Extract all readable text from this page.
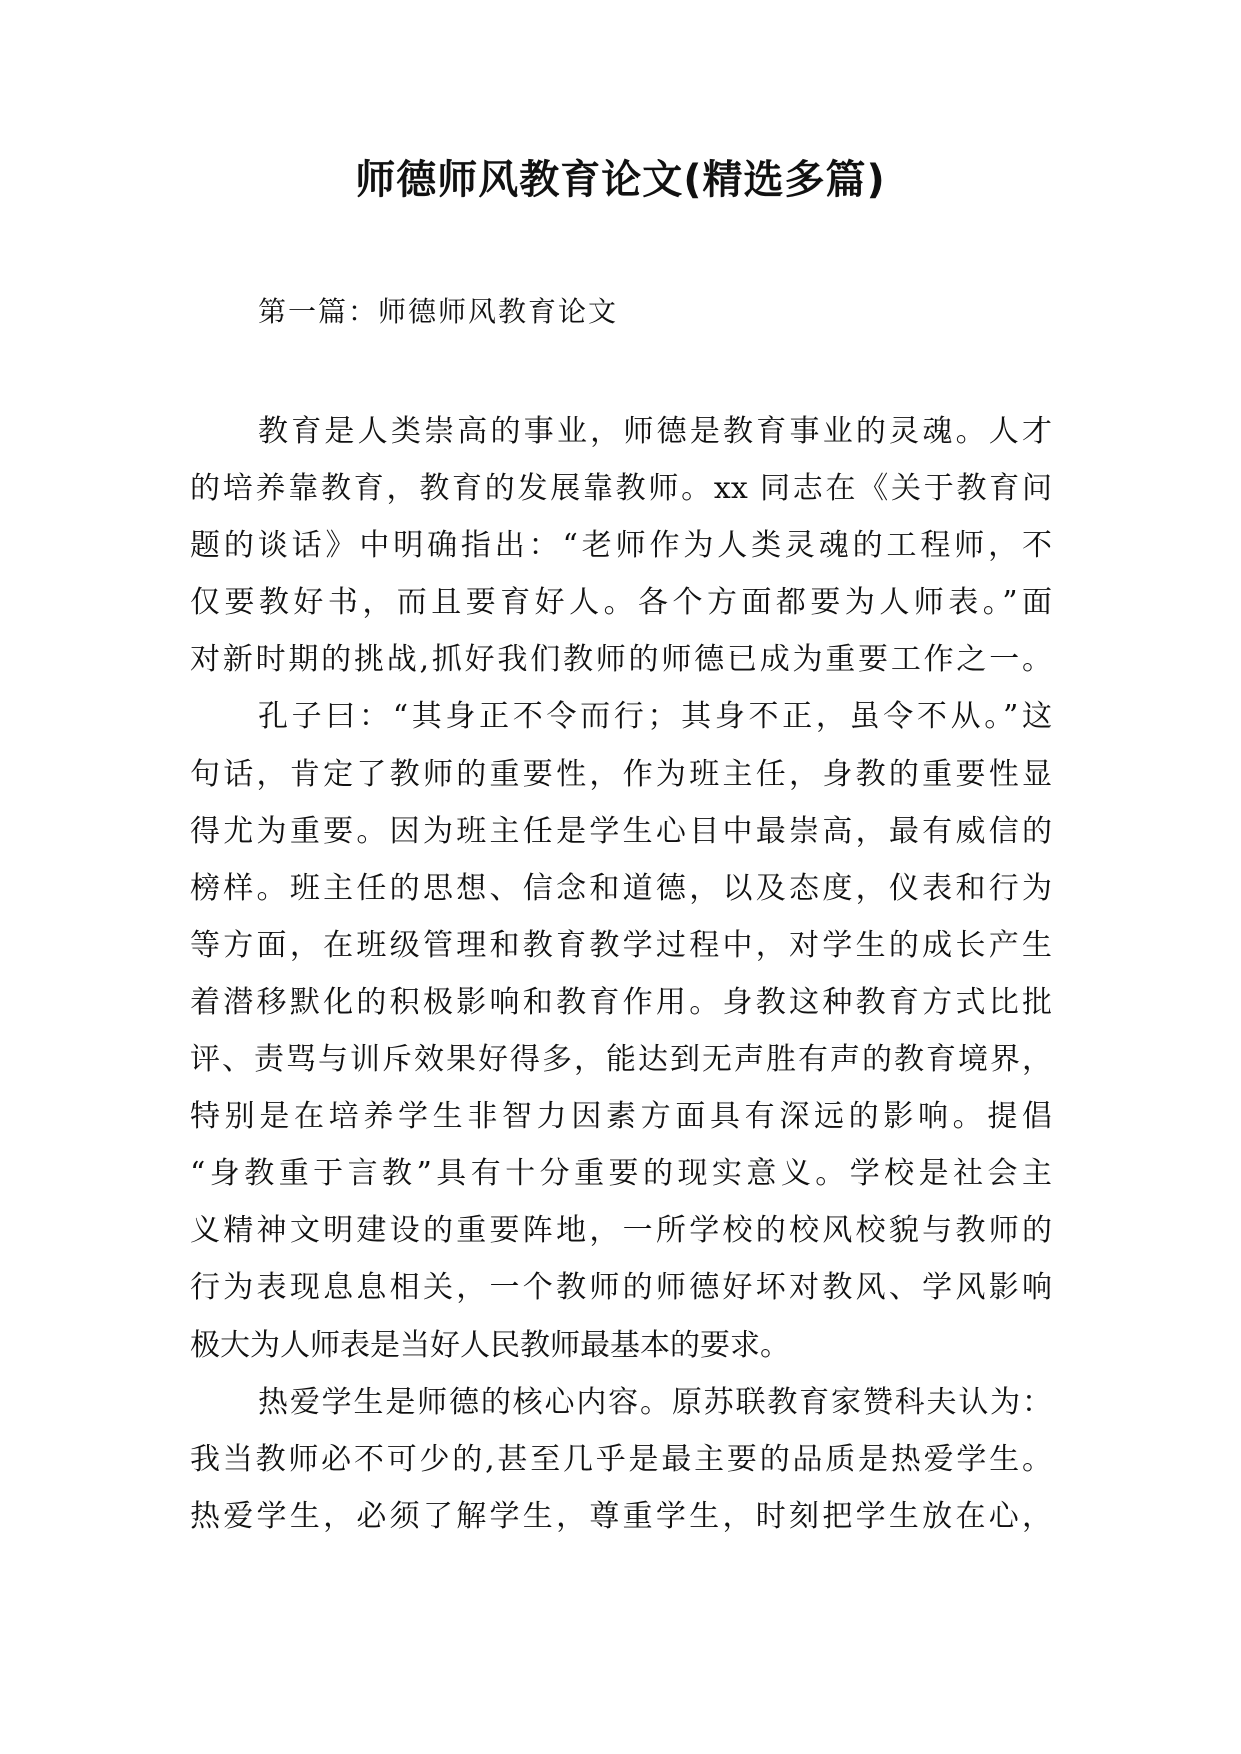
师德师风教育论文(精选多篇)
第一篇：师德师风教育论文
教育是人类崇高的事业，师德是教育事业的灵魂。人才
的培养靠教育，教育的发展靠教师。xx 同志在《关于教育问
题的谈话》中明确指出：“老师作为人类灵魂的工程师，不
仅要教好书，而且要育好人。各个方面都要为人师表。”面
对新时期的挑战,抓好我们教师的师德已成为重要工作之一。
孔子曰：“其身正不令而行；其身不正，虽令不从。”这
句话，肯定了教师的重要性，作为班主任，身教的重要性显
得尤为重要。因为班主任是学生心目中最崇高，最有威信的
榜样。班主任的思想、信念和道德，以及态度，仪表和行为
等方面，在班级管理和教育教学过程中，对学生的成长产生
着潜移默化的积极影响和教育作用。身教这种教育方式比批
评、责骂与训斥效果好得多，能达到无声胜有声的教育境界，
特别是在培养学生非智力因素方面具有深远的影响。提倡
“身教重于言教”具有十分重要的现实意义。学校是社会主
义精神文明建设的重要阵地，一所学校的校风校貌与教师的
行为表现息息相关，一个教师的师德好坏对教风、学风影响
极大为人师表是当好人民教师最基本的要求。
热爱学生是师德的核心内容。原苏联教育家赞科夫认为：
我当教师必不可少的,甚至几乎是最主要的品质是热爱学生。
热爱学生，必须了解学生，尊重学生，时刻把学生放在心，
